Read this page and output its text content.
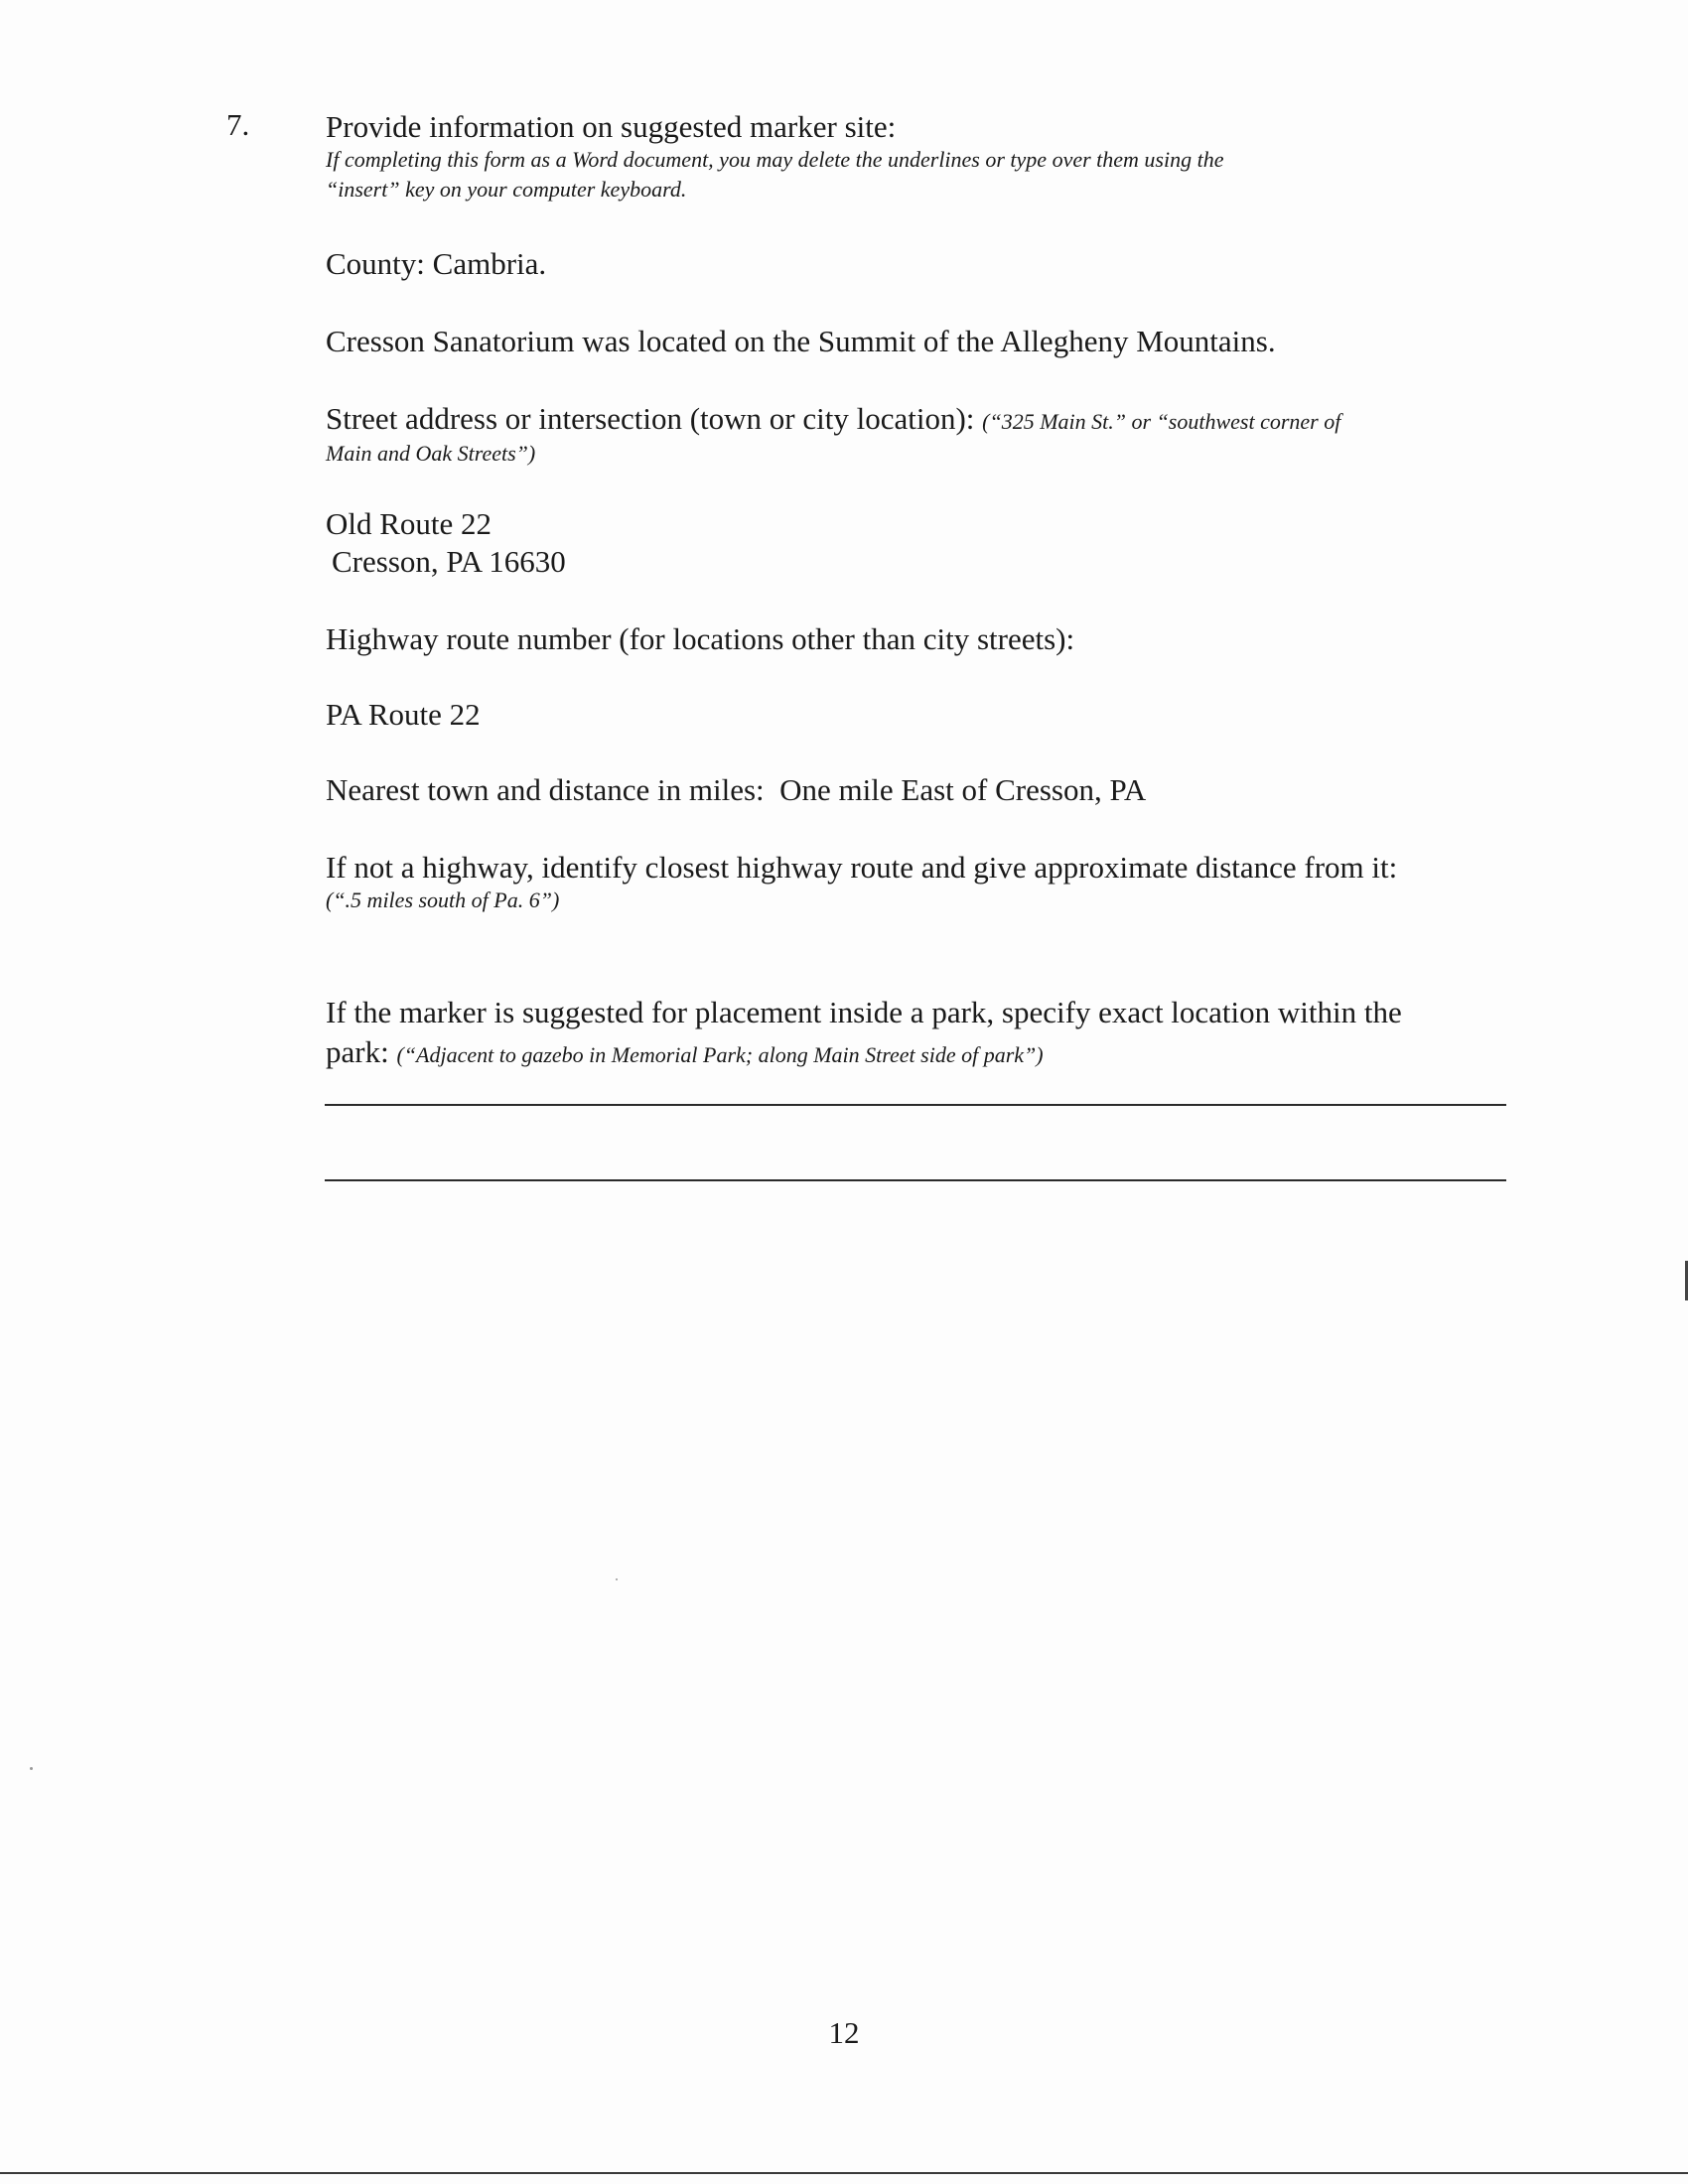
7. Provide information on suggested marker site:
If completing this form as a Word document, you may delete the underlines or type over them using the
“insert” key on your computer keyboard.
County: Cambria.
Cresson Sanatorium was located on the Summit of the Allegheny Mountains.
Street address or intersection (town or city location): (“325 Main St.” or “southwest corner of
Main and Oak Streets”)
Old Route 22
Cresson, PA 16630
Highway route number (for locations other than city streets):
PA Route 22
Nearest town and distance in miles: One mile East of Cresson, PA
If not a highway, identify closest highway route and give approximate distance from it:
(“.5 miles south of Pa. 6”)
If the marker is suggested for placement inside a park, specify exact location within the
park: (“Adjacent to gazebo in Memorial Park; along Main Street side of park”)
12
